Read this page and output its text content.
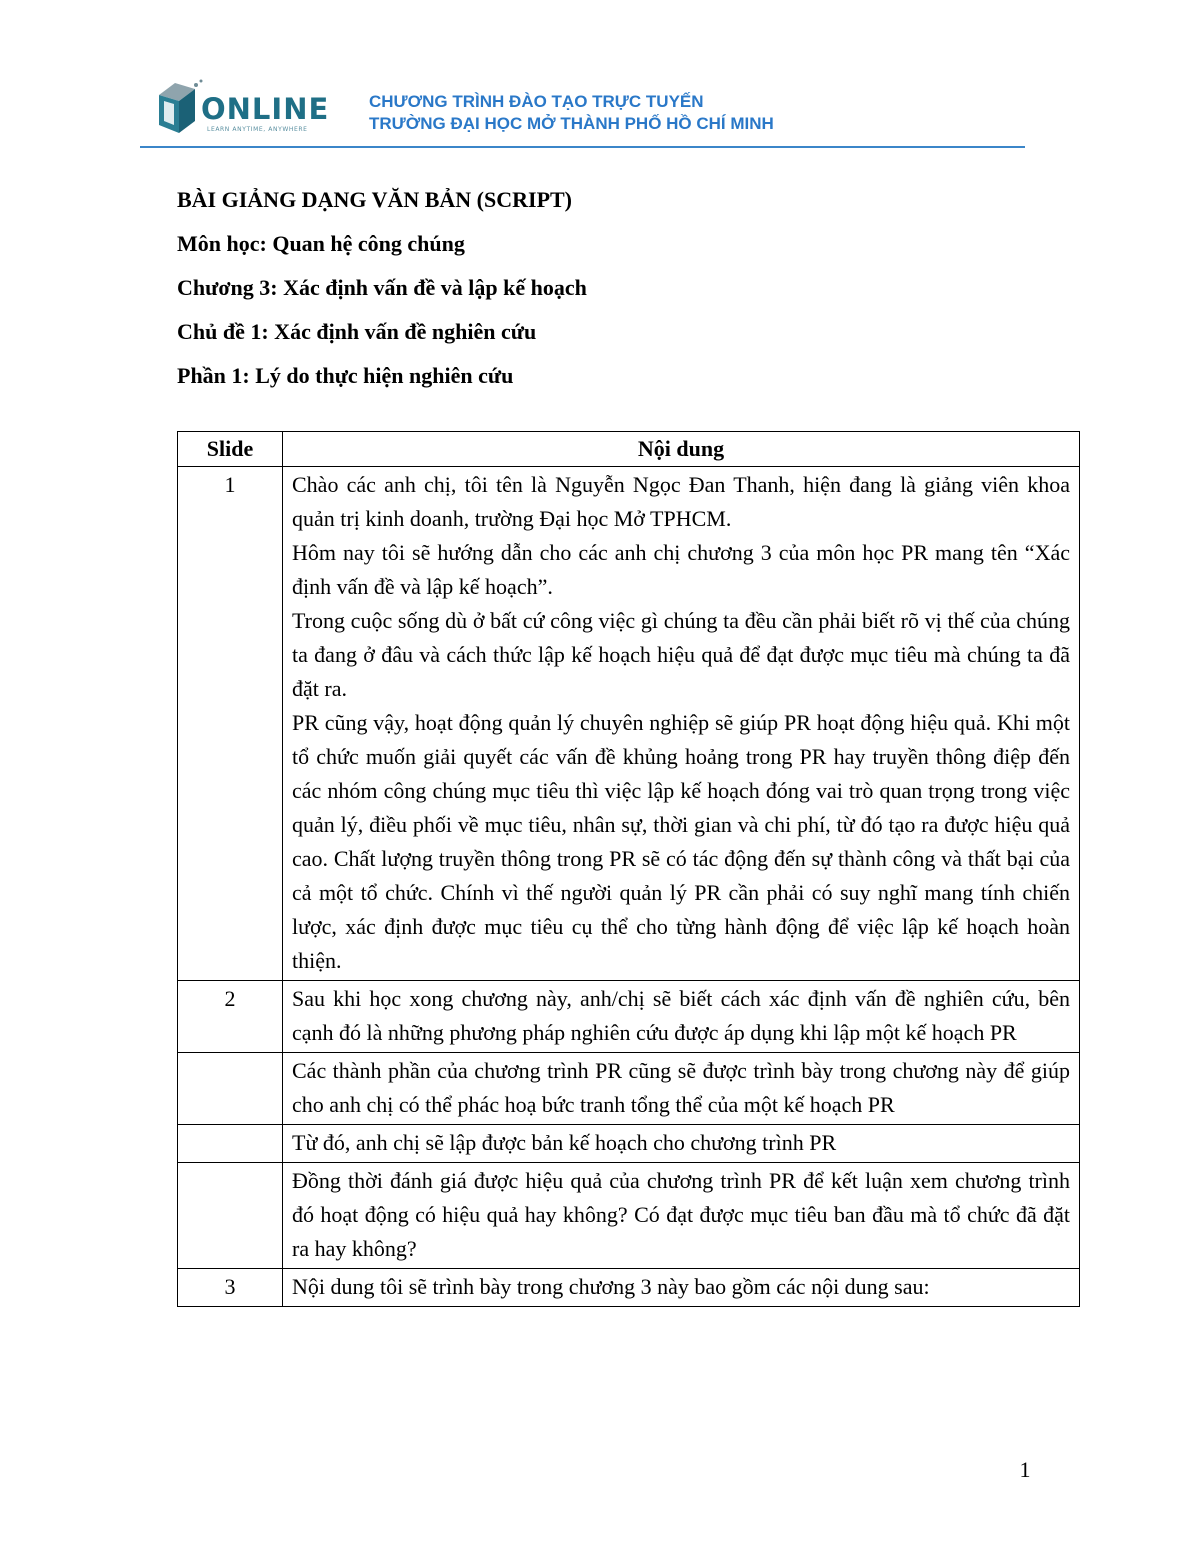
ONLINE
LEARN ANYTIME, ANYWHERE
CHƯƠNG TRÌNH ĐÀO TẠO TRỰC TUYẾN
TRƯỜNG ĐẠI HỌC MỞ THÀNH PHỐ HỒ CHÍ MINH
BÀI GIẢNG DẠNG VĂN BẢN (SCRIPT)
Môn học: Quan hệ công chúng
Chương 3: Xác định vấn đề và lập kế hoạch
Chủ đề 1: Xác định vấn đề nghiên cứu
Phần 1: Lý do thực hiện nghiên cứu
Slide	Nội dung
1	Chào các anh chị, tôi tên là Nguyễn Ngọc Đan Thanh, hiện đang là giảng viên khoa quản trị kinh doanh, trường Đại học Mở TPHCM.

Hôm nay tôi sẽ hướng dẫn cho các anh chị chương 3 của môn học PR mang tên “Xác định vấn đề và lập kế hoạch”.

Trong cuộc sống dù ở bất cứ công việc gì chúng ta đều cần phải biết rõ vị thế của chúng ta đang ở đâu và cách thức lập kế hoạch hiệu quả để đạt được mục tiêu mà chúng ta đã đặt ra.

PR cũng vậy, hoạt động quản lý chuyên nghiệp sẽ giúp PR hoạt động hiệu quả. Khi một tổ chức muốn giải quyết các vấn đề khủng hoảng trong PR hay truyền thông điệp đến các nhóm công chúng mục tiêu thì việc lập kế hoạch đóng vai trò quan trọng trong việc quản lý, điều phối về mục tiêu, nhân sự, thời gian và chi phí, từ đó tạo ra được hiệu quả cao. Chất lượng truyền thông trong PR sẽ có tác động đến sự thành công và thất bại của cả một tổ chức. Chính vì thế người quản lý PR cần phải có suy nghĩ mang tính chiến lược, xác định được mục tiêu cụ thể cho từng hành động để việc lập kế hoạch hoàn thiện.

2	Sau khi học xong chương này, anh/chị sẽ biết cách xác định vấn đề nghiên cứu, bên cạnh đó là những phương pháp nghiên cứu được áp dụng khi lập một kế hoạch PR

	Các thành phần của chương trình PR cũng sẽ được trình bày trong chương này để giúp cho anh chị có thể phác hoạ bức tranh tổng thể của một kế hoạch PR

	Từ đó, anh chị sẽ lập được bản kế hoạch cho chương trình PR

	Đồng thời đánh giá được hiệu quả của chương trình PR để kết luận xem chương trình đó hoạt động có hiệu quả hay không? Có đạt được mục tiêu ban đầu mà tổ chức đã đặt ra hay không?

3	Nội dung tôi sẽ trình bày trong chương 3 này bao gồm các nội dung sau:

1
